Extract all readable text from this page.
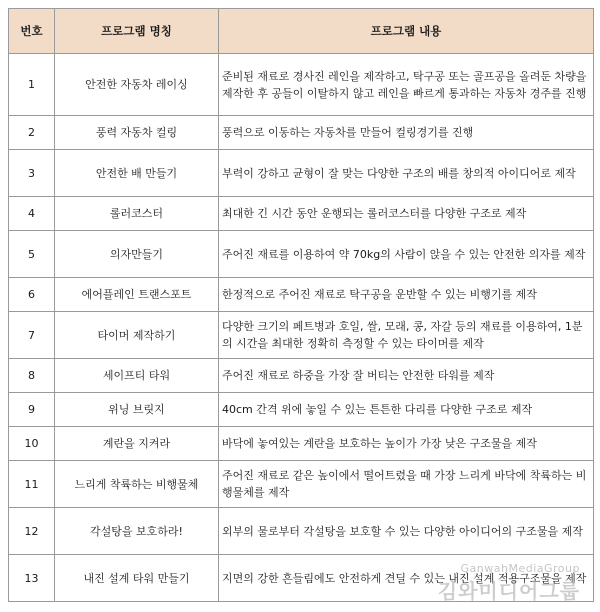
번호	프로그램 명칭	프로그램 내용
1	안전한 자동차 레이싱	준비된 재료로 경사진 레인을 제작하고, 탁구공 또는 골프공을 올려둔 차량을 제작한 후 공들이 이탈하지 않고 레인을 빠르게 통과하는 자동차 경주를 진행
2	풍력 자동차 컬링	풍력으로 이동하는 자동차를 만들어 컬링경기를 진행
3	안전한 배 만들기	부력이 강하고 균형이 잘 맞는 다양한 구조의 배를 창의적 아이디어로 제작
4	롤러코스터	최대한 긴 시간 동안 운행되는 롤러코스터를 다양한 구조로 제작
5	의자만들기	주어진 재료를 이용하여 약 70kg의 사람이 앉을 수 있는 안전한 의자를 제작
6	에어플레인 트랜스포트	한정적으로 주어진 재료로 탁구공을 운반할 수 있는 비행기를 제작
7	타이머 제작하기	다양한 크기의 페트병과 호일, 쌀, 모래, 콩, 자갈 등의 재료를 이용하여, 1분의 시간을 최대한 정확히 측정할 수 있는 타이머를 제작
8	세이프티 타워	주어진 재료로 하중을 가장 잘 버티는 안전한 타워를 제작
9	위닝 브릿지	40cm 간격 위에 놓일 수 있는 튼튼한 다리를 다양한 구조로 제작
10	계란을 지켜라	바닥에 놓여있는 계란을 보호하는 높이가 가장 낮은 구조물을 제작
11	느리게 착륙하는 비행물체	주어진 재료로 같은 높이에서 떨어트렸을 때 가장 느리게 바닥에 착륙하는 비행물체를 제작
12	각설탕을 보호하라!	외부의 물로부터 각설탕을 보호할 수 있는 다양한 아이디어의 구조물을 제작
13	내진 설계 타워 만들기	지면의 강한 흔들림에도 안전하게 견딜 수 있는 내진 설계 적용구조물을 제작
GanwahMediaGroup
김와미디어그룹
